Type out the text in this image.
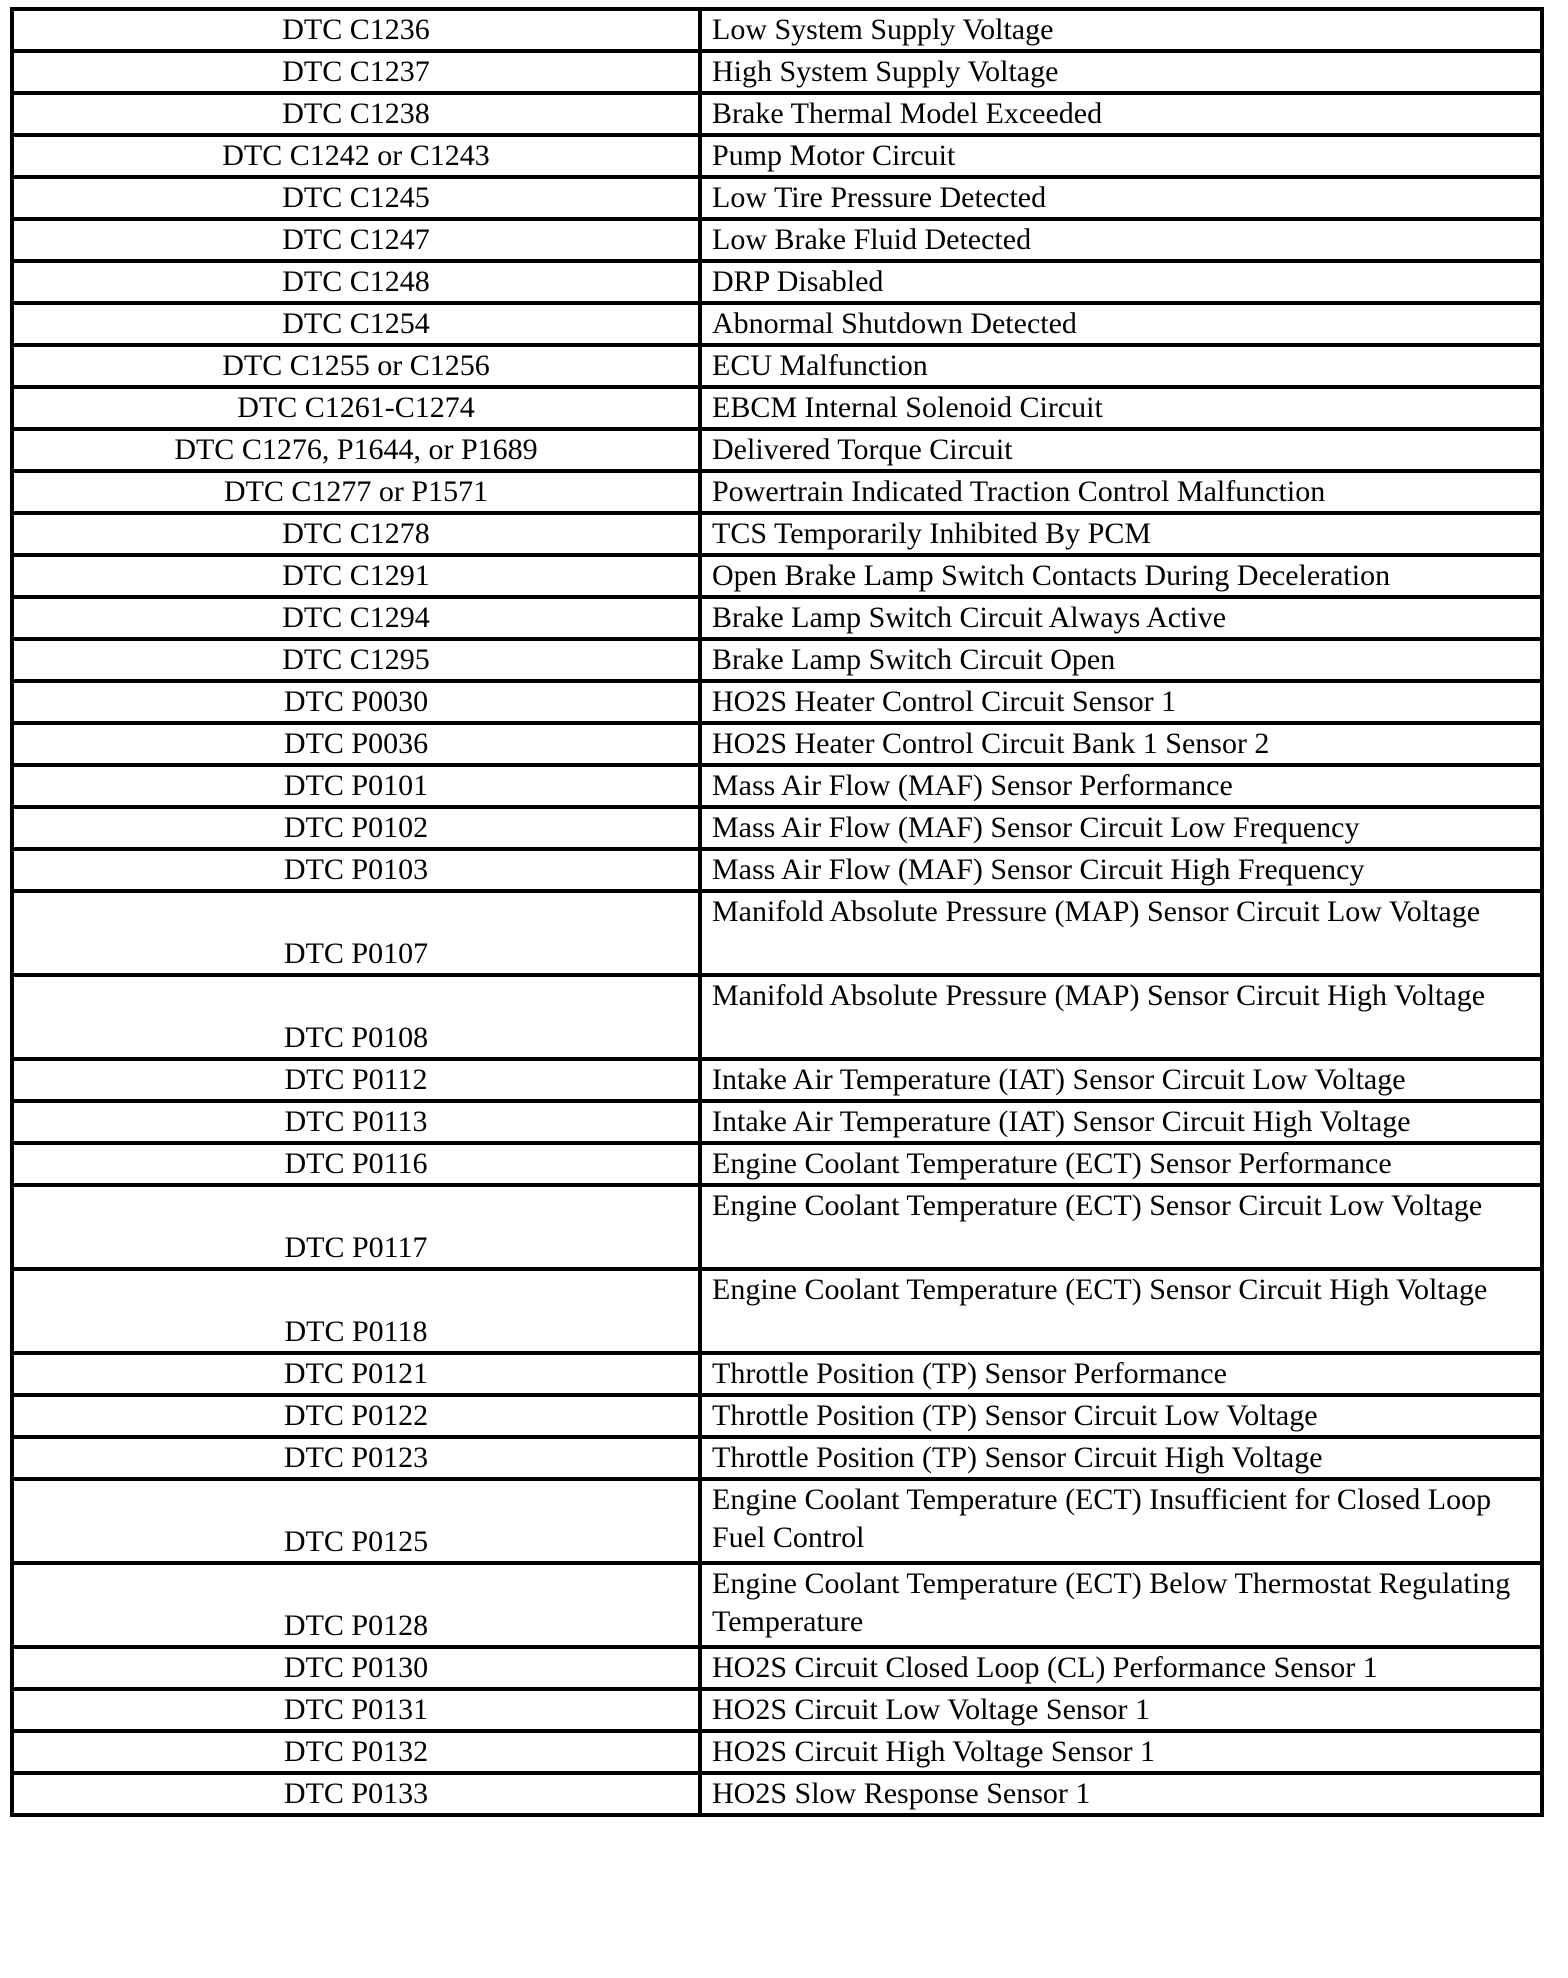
DTC C1236	Low System Supply Voltage
DTC C1237	High System Supply Voltage
DTC C1238	Brake Thermal Model Exceeded
DTC C1242 or C1243	Pump Motor Circuit
DTC C1245	Low Tire Pressure Detected
DTC C1247	Low Brake Fluid Detected
DTC C1248	DRP Disabled
DTC C1254	Abnormal Shutdown Detected
DTC C1255 or C1256	ECU Malfunction
DTC C1261-C1274	EBCM Internal Solenoid Circuit
DTC C1276, P1644, or P1689	Delivered Torque Circuit
DTC C1277 or P1571	Powertrain Indicated Traction Control Malfunction
DTC C1278	TCS Temporarily Inhibited By PCM
DTC C1291	Open Brake Lamp Switch Contacts During Deceleration
DTC C1294	Brake Lamp Switch Circuit Always Active
DTC C1295	Brake Lamp Switch Circuit Open
DTC P0030	HO2S Heater Control Circuit Sensor 1
DTC P0036	HO2S Heater Control Circuit Bank 1 Sensor 2
DTC P0101	Mass Air Flow (MAF) Sensor Performance
DTC P0102	Mass Air Flow (MAF) Sensor Circuit Low Frequency
DTC P0103	Mass Air Flow (MAF) Sensor Circuit High Frequency
DTC P0107	Manifold Absolute Pressure (MAP) Sensor Circuit Low Voltage
DTC P0108	Manifold Absolute Pressure (MAP) Sensor Circuit High Voltage
DTC P0112	Intake Air Temperature (IAT) Sensor Circuit Low Voltage
DTC P0113	Intake Air Temperature (IAT) Sensor Circuit High Voltage
DTC P0116	Engine Coolant Temperature (ECT) Sensor Performance
DTC P0117	Engine Coolant Temperature (ECT) Sensor Circuit Low Voltage
DTC P0118	Engine Coolant Temperature (ECT) Sensor Circuit High Voltage
DTC P0121	Throttle Position (TP) Sensor Performance
DTC P0122	Throttle Position (TP) Sensor Circuit Low Voltage
DTC P0123	Throttle Position (TP) Sensor Circuit High Voltage
DTC P0125	Engine Coolant Temperature (ECT) Insufficient for Closed Loop Fuel Control
DTC P0128	Engine Coolant Temperature (ECT) Below Thermostat Regulating Temperature
DTC P0130	HO2S Circuit Closed Loop (CL) Performance Sensor 1
DTC P0131	HO2S Circuit Low Voltage Sensor 1
DTC P0132	HO2S Circuit High Voltage Sensor 1
DTC P0133	HO2S Slow Response Sensor 1
